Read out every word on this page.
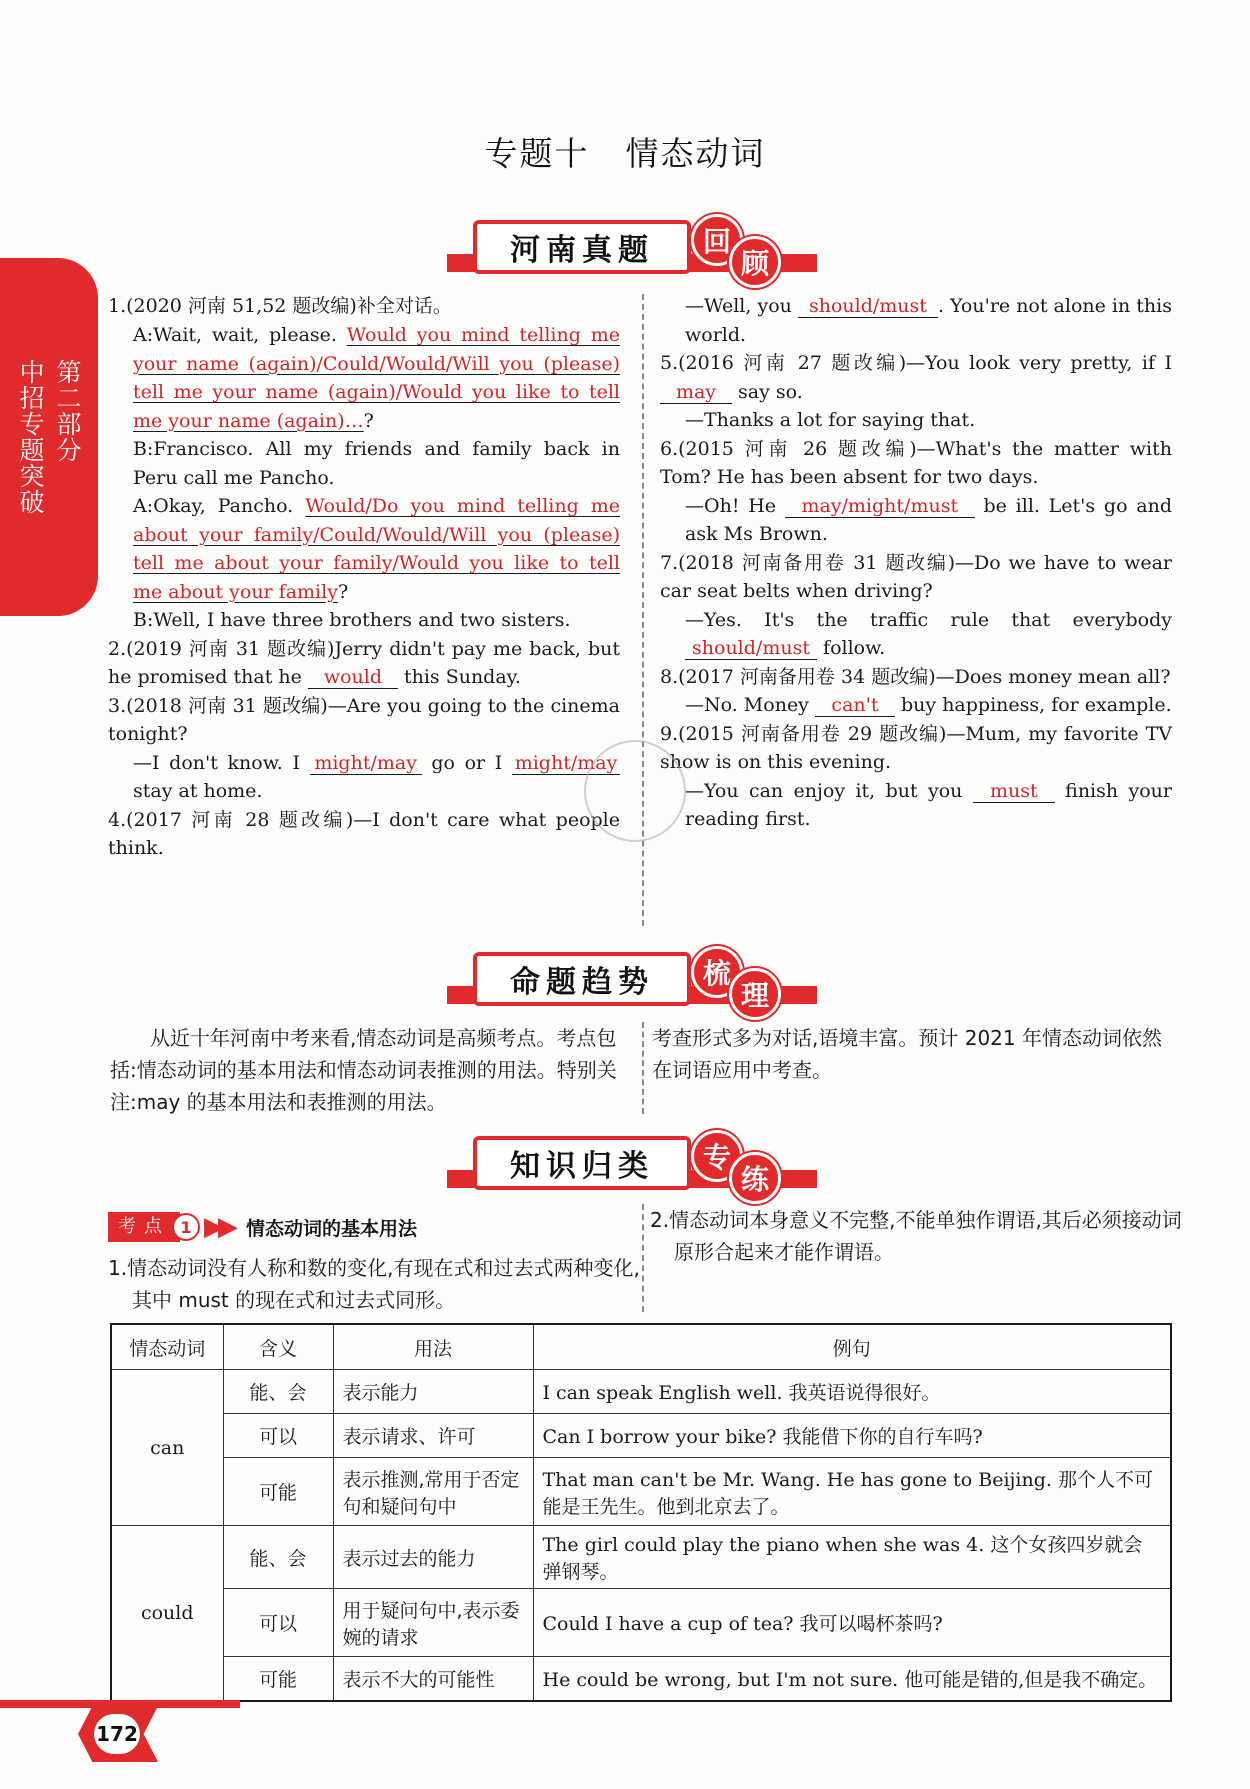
第二部分
中招专题突破
专题十 情态动词
河南真题	回
顾
1.(2020 河南 51,52 题改编)补全对话。
A:Wait, wait, please. Would you mind telling me your name (again)/Could/Would/Will you (please) tell me your name (again)/Would you like to tell me your name (again)…?
B:Francisco. All my friends and family back in Peru call me Pancho.
A:Okay, Pancho. Would/Do you mind telling me about your family/Could/Would/Will you (please) tell me about your family/Would you like to tell me about your family?
B:Well, I have three brothers and two sisters.
2.(2019 河南 31 题改编)Jerry didn't pay me back, but he promised that he would this Sunday.
3.(2018 河南 31 题改编)—Are you going to the cinema tonight?
—I don't know. I might/may go or I might/may stay at home.
4.(2017 河南 28 题改编)—I don't care what people think.
—Well, you should/must . You're not alone in this world.
5.(2016 河南 27 题改编)—You look very pretty, if I may say so.
—Thanks a lot for saying that.
6.(2015 河南 26 题改编)—What's the matter with Tom? He has been absent for two days.
—Oh! He may/might/must be ill. Let's go and ask Ms Brown.
7.(2018 河南备用卷 31 题改编)—Do we have to wear car seat belts when driving?
—Yes. It's the traffic rule that everybody should/must follow.
8.(2017 河南备用卷 34 题改编)—Does money mean all?
—No. Money can't buy happiness, for example.
9.(2015 河南备用卷 29 题改编)—Mum, my favorite TV show is on this evening.
—You can enjoy it, but you must finish your reading first.
命题趋势	梳
理
从近十年河南中考来看,情态动词是高频考点。考点包括:情态动词的基本用法和情态动词表推测的用法。特别关注:may 的基本用法和表推测的用法。
考查形式多为对话,语境丰富。预计 2021 年情态动词依然在词语应用中考查。
知识归类	专
练
考点 1 ▶▶ 情态动词的基本用法
1.情态动词没有人称和数的变化,有现在式和过去式两种变化,其中 must 的现在式和过去式同形。
2.情态动词本身意义不完整,不能单独作谓语,其后必须接动词原形合起来才能作谓语。
情态动词	含义	用法	例句
can	能、会	表示能力	I can speak English well. 我英语说得很好。
	可以	表示请求、许可	Can I borrow your bike? 我能借下你的自行车吗?
	可能	表示推测,常用于否定句和疑问句中	That man can't be Mr. Wang. He has gone to Beijing. 那个人不可能是王先生。他到北京去了。
could	能、会	表示过去的能力	The girl could play the piano when she was 4. 这个女孩四岁就会弹钢琴。
	可以	用于疑问句中,表示委婉的请求	Could I have a cup of tea? 我可以喝杯茶吗?
	可能	表示不大的可能性	He could be wrong, but I'm not sure. 他可能是错的,但是我不确定。
172
